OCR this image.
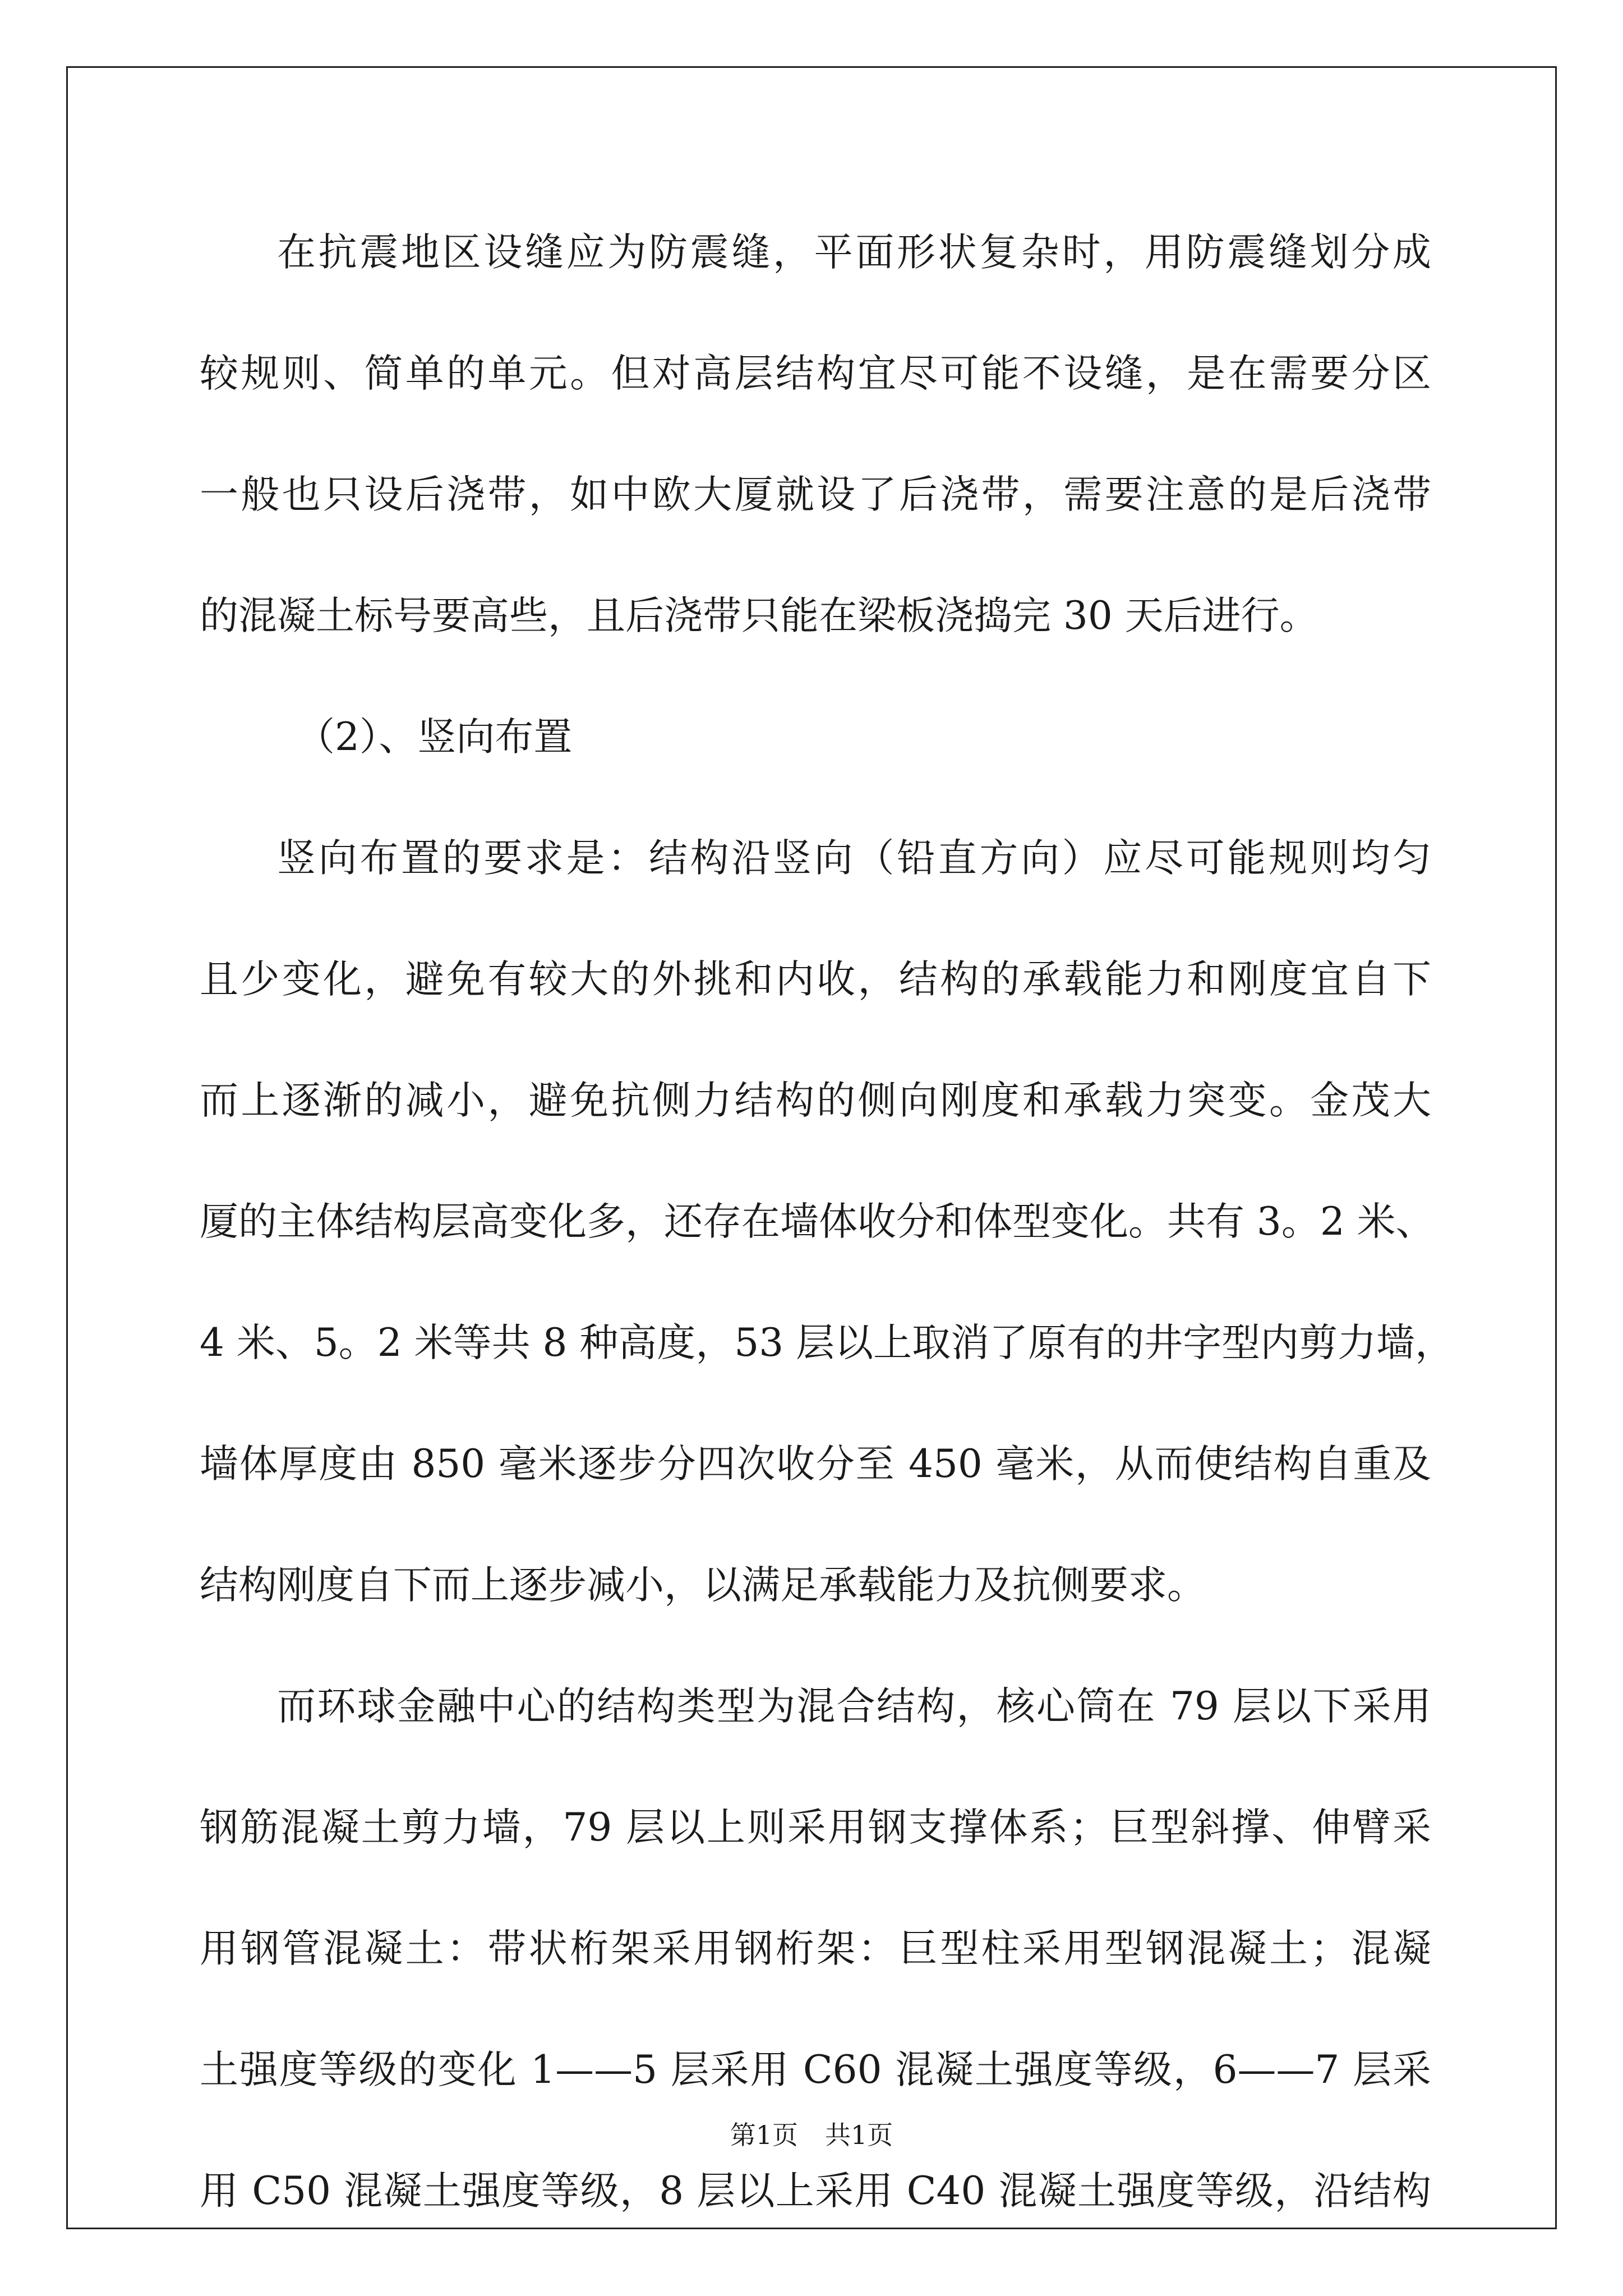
在抗震地区设缝应为防震缝，平面形状复杂时，用防震缝划分成
较规则、简单的单元。但对高层结构宜尽可能不设缝，是在需要分区
一般也只设后浇带，如中欧大厦就设了后浇带，需要注意的是后浇带
的混凝土标号要高些，且后浇带只能在梁板浇捣完 30 天后进行。
（2）、竖向布置
竖向布置的要求是：结构沿竖向（铅直方向）应尽可能规则均匀
且少变化，避免有较大的外挑和内收，结构的承载能力和刚度宜自下
而上逐渐的减小，避免抗侧力结构的侧向刚度和承载力突变。金茂大
厦的主体结构层高变化多，还存在墙体收分和体型变化。共有 3。2 米、
4 米、5。2 米等共 8 种高度，53 层以上取消了原有的井字型内剪力墙，
墙体厚度由 850 毫米逐步分四次收分至 450 毫米，从而使结构自重及
结构刚度自下而上逐步减小，以满足承载能力及抗侧要求。
而环球金融中心的结构类型为混合结构，核心筒在 79 层以下采用
钢筋混凝土剪力墙，79 层以上则采用钢支撑体系；巨型斜撑、伸臂采
用钢管混凝土：带状桁架采用钢桁架：巨型柱采用型钢混凝土；混凝
土强度等级的变化 1——5 层采用 C60 混凝土强度等级，6——7 层采
用 C50 混凝土强度等级，8 层以上采用 C40 混凝土强度等级，沿结构
第1页 共1页
